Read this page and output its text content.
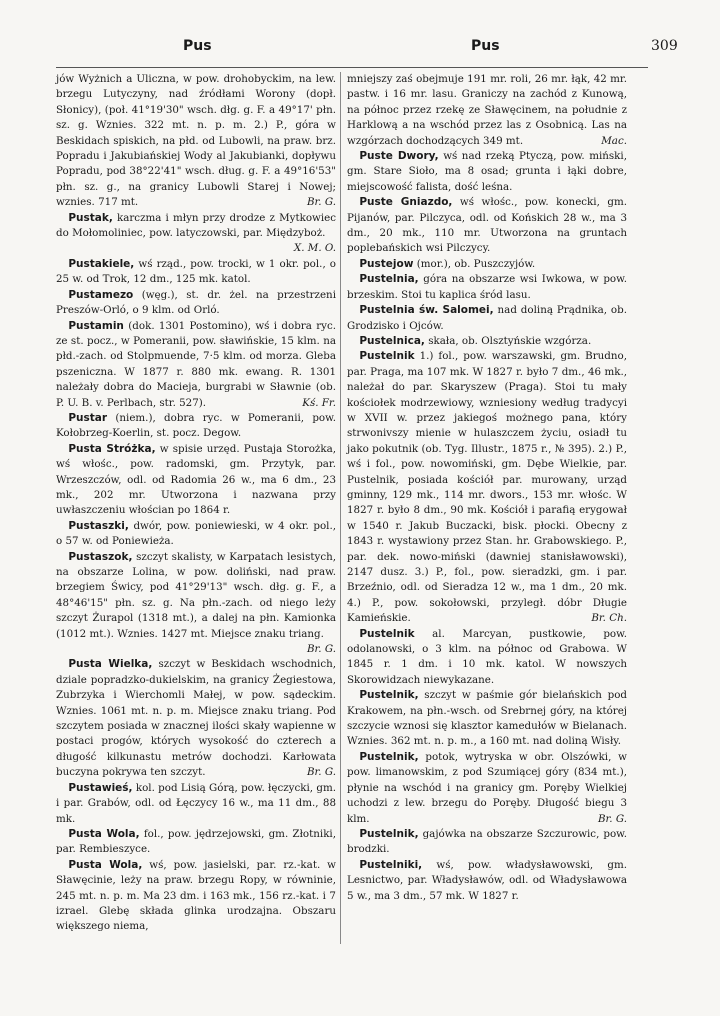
Pus	Pus	309

jów Wyżnich a Uliczna, w pow. drohobyckim, na lew. brzegu Lutyczyny, nad źródłami Worony (dopł. Słonicy), (poł. 41°19'30" wsch. dłg. g. F. a 49°17' płn. sz. g. Wznies. 322 mt. n. p. m. 2.) P., góra w Beskidach spiskich, na płd. od Lubowli, na praw. brz. Popradu i Jakubiańskiej Wody al Jakubianki, dopływu Popradu, pod 38°22'41" wsch. dług. g. F. a 49°16'53" płn. sz. g., na granicy Lubowli Starej i Nowej; wznies. 717 mt.	Br. G.

Pustak, karczma i młyn przy drodze z Mytkowiec do Mołomoliniec, pow. latyczowski, par. Międzyboż.
X. M. O.

Pustakiele, wś rząd., pow. trocki, w 1 okr. pol., o 25 w. od Trok, 12 dm., 125 mk. katol.

Pustamezo (węg.), st. dr. żel. na przestrzeni Preszów-Orló, o 9 klm. od Orló.

Pustamin (dok. 1301 Postomino), wś i dobra ryc. ze st. pocz., w Pomeranii, pow. sławińskie, 15 klm. na płd.-zach. od Stolpmuende, 7·5 klm. od morza. Gleba pszeniczna. W 1877 r. 880 mk. ewang. R. 1301 należały dobra do Macieja, burgrabi w Sławnie (ob. P. U. B. v. Perlbach, str. 527).	Kś. Fr.

Pustar (niem.), dobra ryc. w Pomeranii, pow. Kołobrzeg-Koerlin, st. pocz. Degow.

Pusta Stróżka, w spisie urzęd. Pustaja Storożka, wś włośc., pow. radomski, gm. Przytyk, par. Wrzeszczów, odl. od Radomia 26 w., ma 6 dm., 23 mk., 202 mr. Utworzona i nazwana przy uwłaszczeniu włościan po 1864 r.

Pustaszki, dwór, pow. poniewieski, w 4 okr. pol., o 57 w. od Poniewieża.

Pustaszok, szczyt skalisty, w Karpatach lesistych, na obszarze Lolina, w pow. doliński, nad praw. brzegiem Świcy, pod 41°29'13" wsch. dłg. g. F., a 48°46'15" płn. sz. g. Na płn.-zach. od niego leży szczyt Żurapol (1318 mt.), a dalej na płn. Kamionka (1012 mt.). Wznies. 1427 mt. Miejsce znaku triang.
Br. G.

Pusta Wielka, szczyt w Beskidach wschodnich, dziale popradzko-dukielskim, na granicy Żegiestowa, Zubrzyka i Wierchomli Małej, w pow. sądeckim. Wznies. 1061 mt. n. p. m. Miejsce znaku triang. Pod szczytem posiada w znacznej ilości skały wapienne w postaci progów, których wysokość do czterech a długość kilkunastu metrów dochodzi. Karłowata buczyna pokrywa ten szczyt.	Br. G.

Pustawieś, kol. pod Lisią Górą, pow. łęczycki, gm. i par. Grabów, odl. od Łęczycy 16 w., ma 11 dm., 88 mk.

Pusta Wola, fol., pow. jędrzejowski, gm. Złotniki, par. Rembieszyce.

Pusta Wola, wś, pow. jasielski, par. rz.-kat. w Sławęcinie, leży na praw. brzegu Ropy, w równinie, 245 mt. n. p. m. Ma 23 dm. i 163 mk., 156 rz.-kat. i 7 izrael. Glebę składa glinka urodzajna. Obszaru większego niema,

mniejszy zaś obejmuje 191 mr. roli, 26 mr. łąk, 42 mr. pastw. i 16 mr. lasu. Graniczy na zachód z Kunową, na północ przez rzekę ze Sławęcinem, na południe z Harklową a na wschód przez las z Osobnicą. Las na wzgórzach dochodzących 349 mt.	Mac.

Puste Dwory, wś nad rzeką Ptyczą, pow. miński, gm. Stare Sioło, ma 8 osad; grunta i łąki dobre, miejscowość falista, dość leśna.

Puste Gniazdo, wś włośc., pow. konecki, gm. Pijanów, par. Pilczyca, odl. od Końskich 28 w., ma 3 dm., 20 mk., 110 mr. Utworzona na gruntach poplebańskich wsi Pilczycy.

Pustejow (mor.), ob. Puszczyjów.

Pustelnia, góra na obszarze wsi Iwkowa, w pow. brzeskim. Stoi tu kaplica śród lasu.

Pustelnia św. Salomei, nad doliną Prądnika, ob. Grodzisko i Ojców.

Pustelnica, skała, ob. Olsztyńskie wzgórza.

Pustelnik 1.) fol., pow. warszawski, gm. Brudno, par. Praga, ma 107 mk. W 1827 r. było 7 dm., 46 mk., należał do par. Skaryszew (Praga). Stoi tu mały kościołek modrzewiowy, wzniesiony według tradycyi w XVII w. przez jakiegoś możnego pana, który strwonivszy mienie w hulaszczem życiu, osiadł tu jako pokutnik (ob. Tyg. Illustr., 1875 r., № 395). 2.) P., wś i fol., pow. nowomiński, gm. Dębe Wielkie, par. Pustelnik, posiada kościół par. murowany, urząd gminny, 129 mk., 114 mr. dwors., 153 mr. włośc. W 1827 r. było 8 dm., 90 mk. Kościół i parafią erygował w 1540 r. Jakub Buczacki, bisk. płocki. Obecny z 1843 r. wystawiony przez Stan. hr. Grabowskiego. P., par. dek. nowo-miński (dawniej stanisławowski), 2147 dusz. 3.) P., fol., pow. sieradzki, gm. i par. Brzeźnio, odl. od Sieradza 12 w., ma 1 dm., 20 mk. 4.) P., pow. sokołowski, przyległ. dóbr Długie Kamieńskie.	Br. Ch.

Pustelnik al. Marcyan, pustkowie, pow. odolanowski, o 3 klm. na północ od Grabowa. W 1845 r. 1 dm. i 10 mk. katol. W nowszych Skorowidzach niewykazane.

Pustelnik, szczyt w paśmie gór bielańskich pod Krakowem, na płn.-wsch. od Srebrnej góry, na której szczycie wznosi się klasztor kamedułów w Bielanach. Wznies. 362 mt. n. p. m., a 160 mt. nad doliną Wisły.

Pustelnik, potok, wytryska w obr. Olszówki, w pow. limanowskim, z pod Szumiącej góry (834 mt.), płynie na wschód i na granicy gm. Poręby Wielkiej uchodzi z lew. brzegu do Poręby. Długość biegu 3 klm.	Br. G.

Pustelnik, gajówka na obszarze Szczurowic, pow. brodzki.

Pustelniki, wś, pow. władysławowski, gm. Lesnictwo, par. Władysławów, odl. od Władysławowa 5 w., ma 3 dm., 57 mk. W 1827 r.
